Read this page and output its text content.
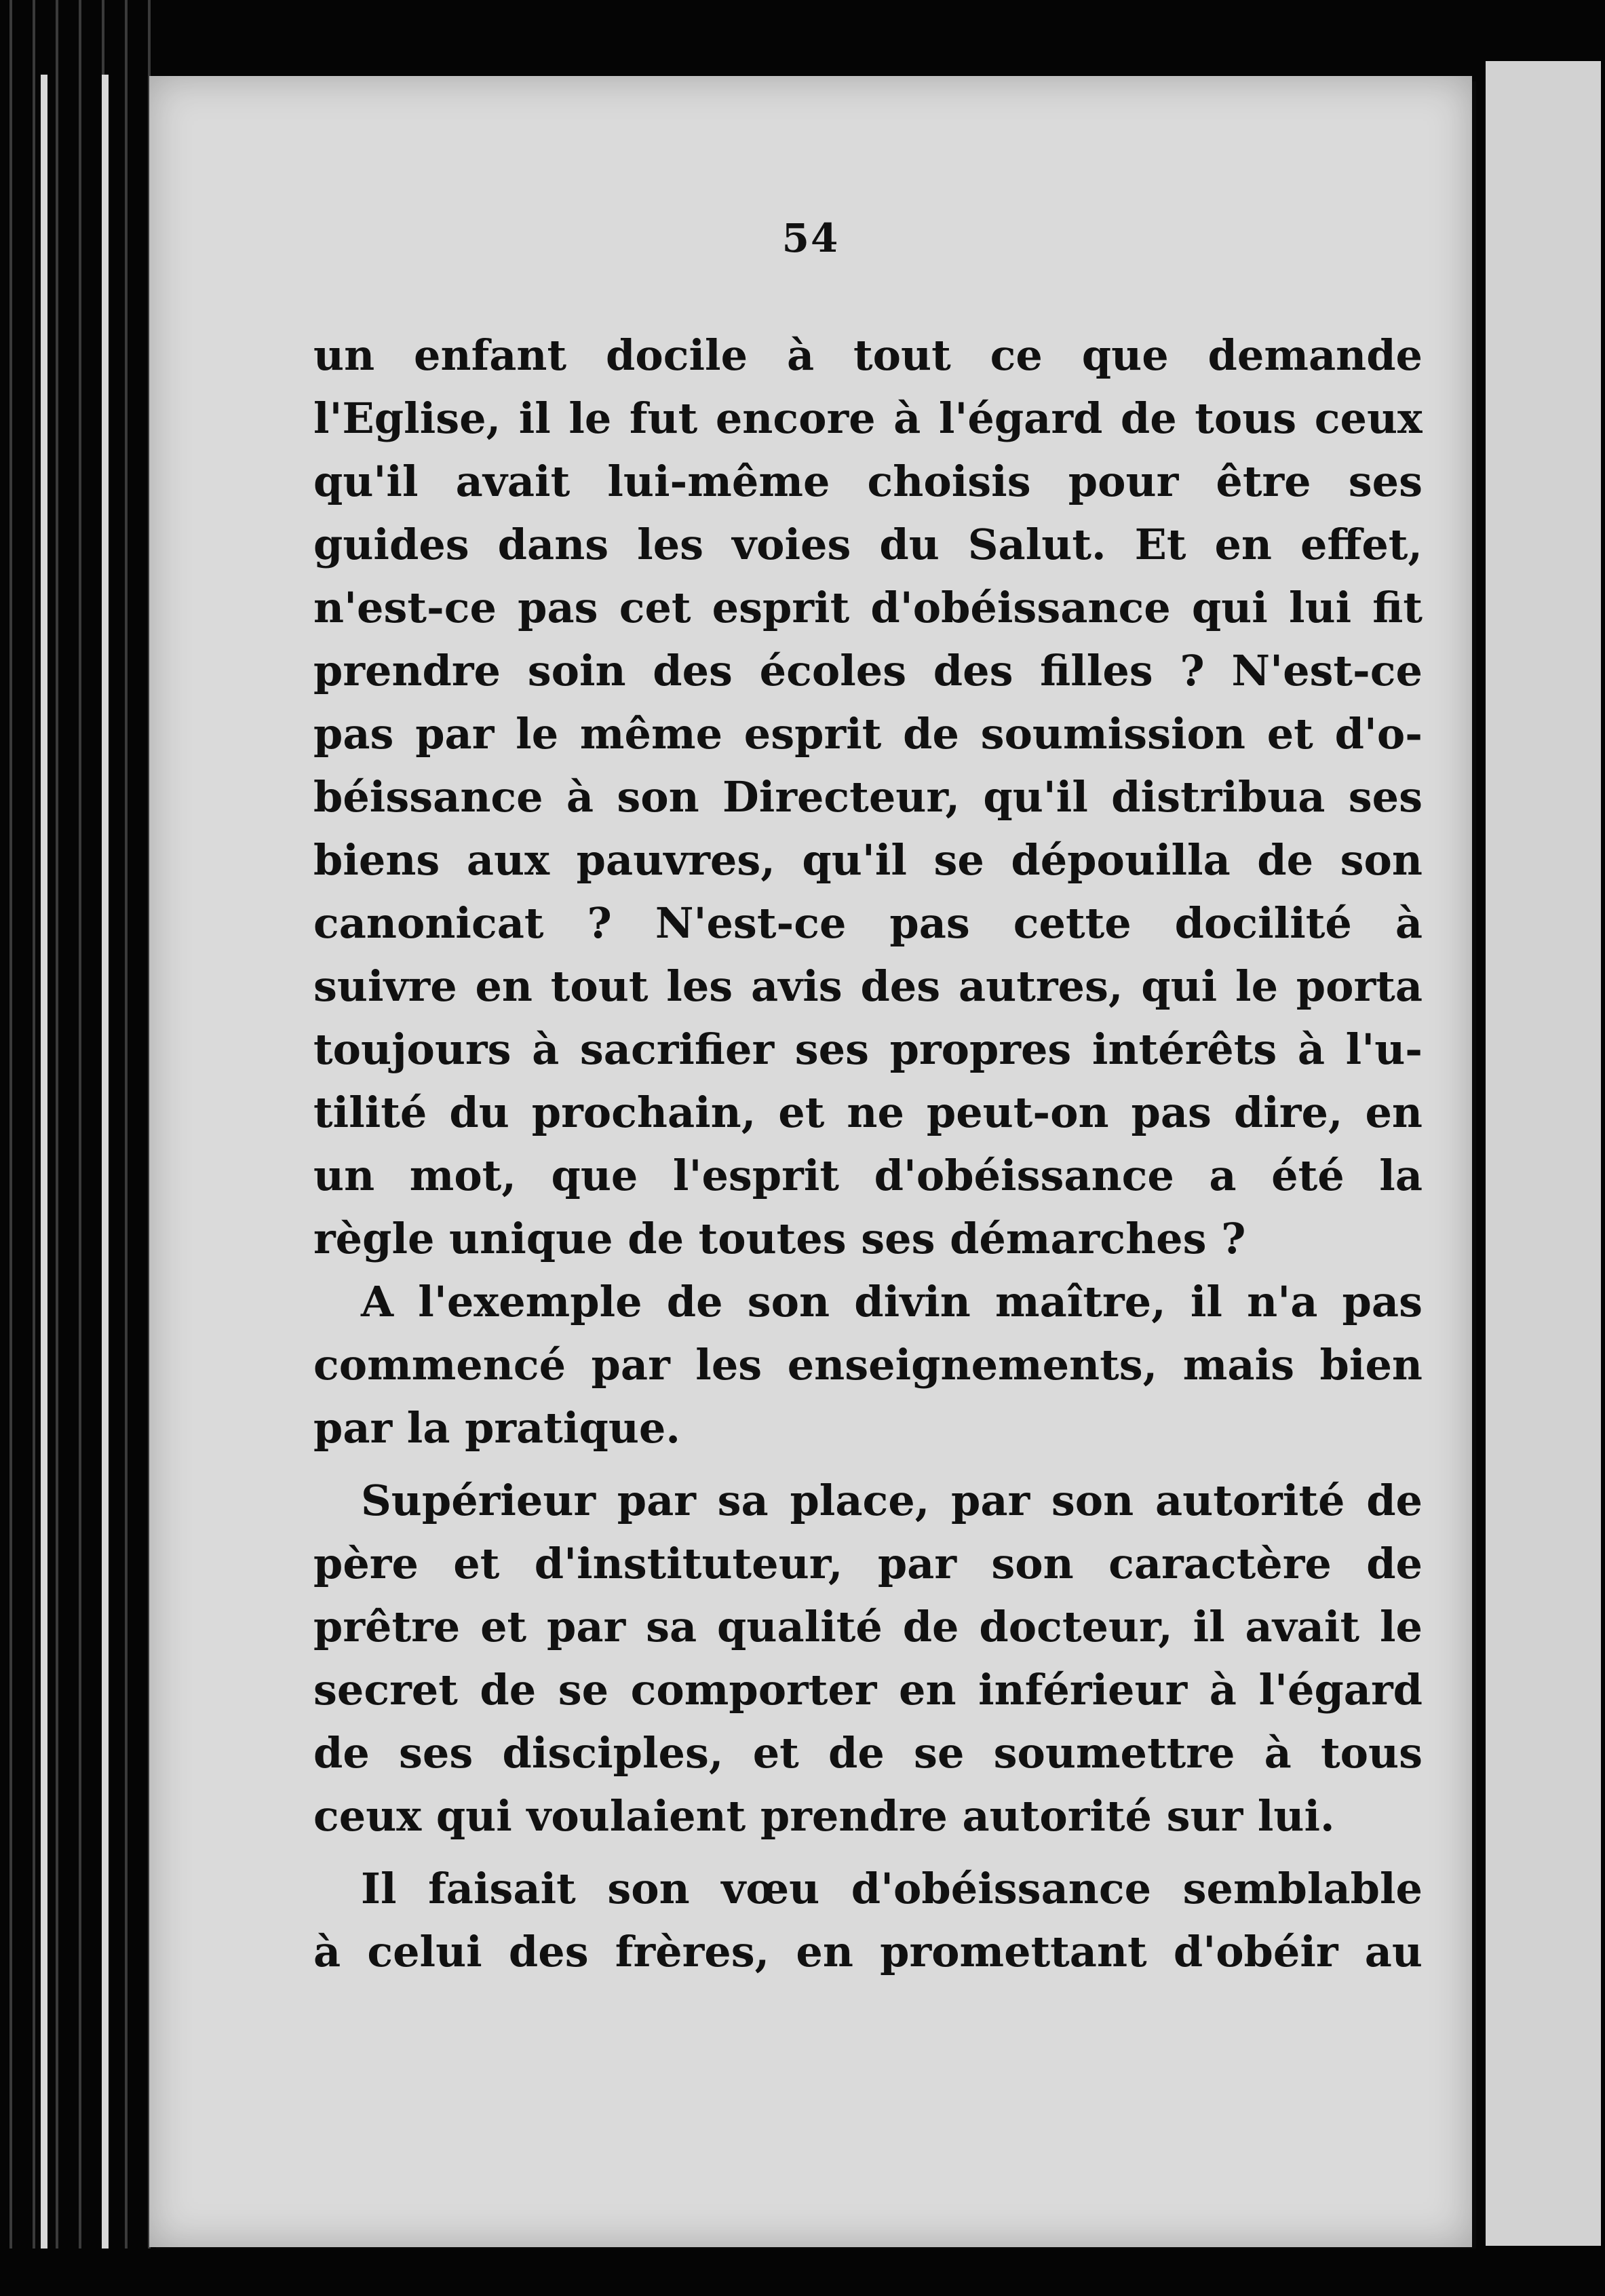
54
un enfant docile à tout ce que demande
l'Eglise, il le fut encore à l'égard de tous ceux
qu'il avait lui-même choisis pour être ses
guides dans les voies du Salut. Et en effet,
n'est-ce pas cet esprit d'obéissance qui lui fit
prendre soin des écoles des filles ? N'est-ce
pas par le même esprit de soumission et d'o-
béissance à son Directeur, qu'il distribua ses
biens aux pauvres, qu'il se dépouilla de son
canonicat ? N'est-ce pas cette docilité à
suivre en tout les avis des autres, qui le porta
toujours à sacrifier ses propres intérêts à l'u-
tilité du prochain, et ne peut-on pas dire, en
un mot, que l'esprit d'obéissance a été la
règle unique de toutes ses démarches ?
A l'exemple de son divin maître, il n'a pas
commencé par les enseignements, mais bien
par la pratique.
Supérieur par sa place, par son autorité de
père et d'instituteur, par son caractère de
prêtre et par sa qualité de docteur, il avait le
secret de se comporter en inférieur à l'égard
de ses disciples, et de se soumettre à tous
ceux qui voulaient prendre autorité sur lui.
Il faisait son vœu d'obéissance semblable
à celui des frères, en promettant d'obéir au
